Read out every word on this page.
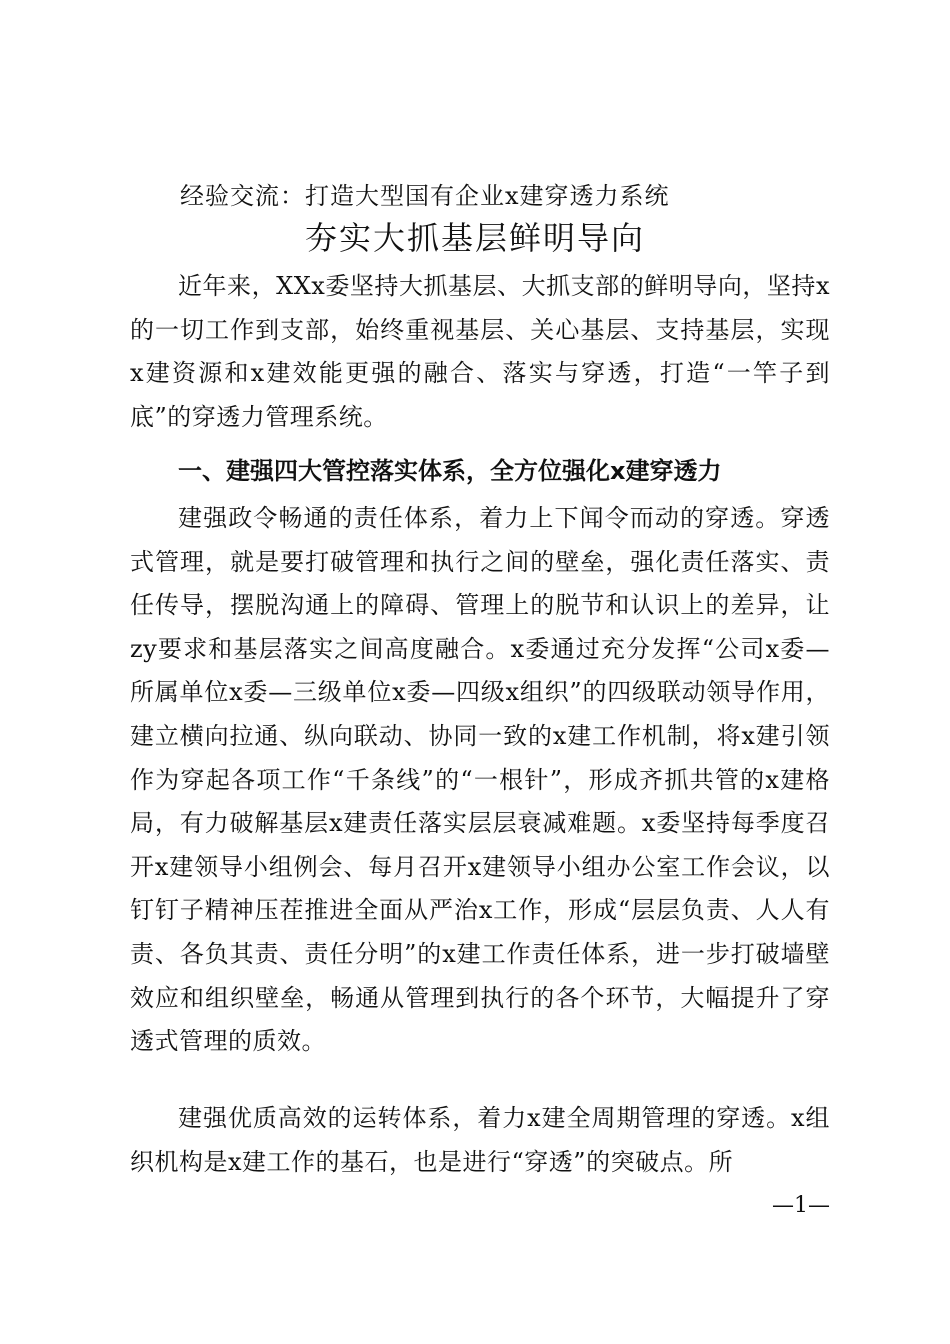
经验交流：打造大型国有企业x建穿透力系统
夯实大抓基层鲜明导向

近年来，XXx委坚持大抓基层、大抓支部的鲜明导向，坚持x的一切工作到支部，始终重视基层、关心基层、支持基层，实现x建资源和x建效能更强的融合、落实与穿透，打造“一竿子到底”的穿透力管理系统。

一、建强四大管控落实体系，全方位强化x建穿透力

建强政令畅通的责任体系，着力上下闻令而动的穿透。穿透式管理，就是要打破管理和执行之间的壁垒，强化责任落实、责任传导，摆脱沟通上的障碍、管理上的脱节和认识上的差异，让zy要求和基层落实之间高度融合。x委通过充分发挥“公司x委—所属单位x委—三级单位x委—四级x组织”的四级联动领导作用，建立横向拉通、纵向联动、协同一致的x建工作机制，将x建引领作为穿起各项工作“千条线”的“一根针”，形成齐抓共管的x建格局，有力破解基层x建责任落实层层衰减难题。x委坚持每季度召开x建领导小组例会、每月召开x建领导小组办公室工作会议，以钉钉子精神压茬推进全面从严治x工作，形成“层层负责、人人有责、各负其责、责任分明”的x建工作责任体系，进一步打破墙壁效应和组织壁垒，畅通从管理到执行的各个环节，大幅提升了穿透式管理的质效。

建强优质高效的运转体系，着力x建全周期管理的穿透。x组织机构是x建工作的基石，也是进行“穿透”的突破点。所

—1—
